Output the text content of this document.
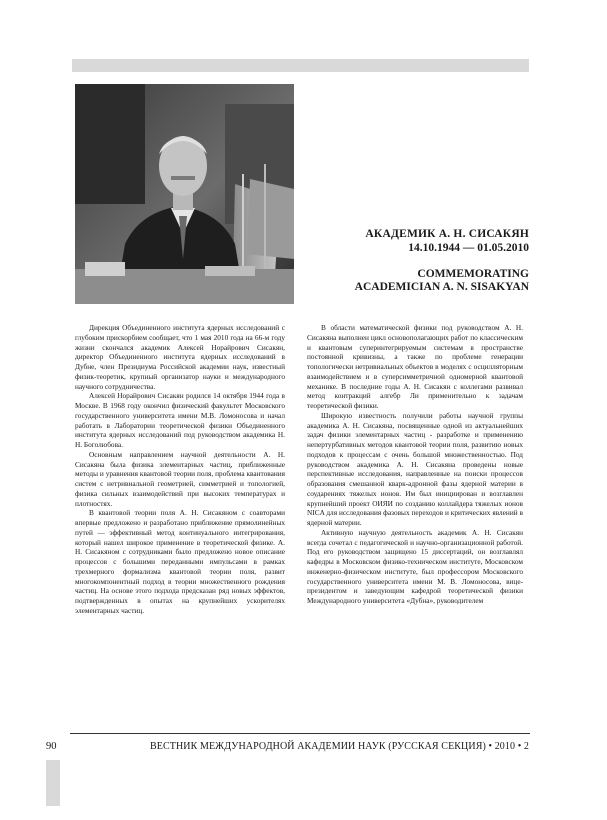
АКАДЕМИК А. Н. СИСАКЯН
14.10.1944 — 01.05.2010
COMMEMORATING
ACADEMICIAN A. N. SISAKYAN

Дирекция Объединенного института ядерных исследований с глубоким прискорбием сообщает, что 1 мая 2010 года на 66-м году жизни скончался академик Алексей Норайрович Сисакян, директор Объединенного института ядерных исследований в Дубне, член Президиума Российской академии наук, известный физик-теоретик, крупный организатор науки и международного научного сотрудничества.

Алексей Норайрович Сисакян родился 14 октября 1944 года в Москве. В 1968 году окончил физический факультет Московского государственного университета имени М.В. Ломоносова и начал работать в Лаборатории теоретической физики Объединенного института ядерных исследований под руководством академика Н. Н. Боголюбова.

Основным направлением научной деятельности А. Н. Сисакяна была физика элементарных частиц, приближенные методы и уравнения квантовой теории поля, проблема квантования систем с нетривиальной геометрией, симметрией и топологией, физика сильных взаимодействий при высоких температурах и плотностях.

В квантовой теории поля А. Н. Сисакяном с соавторами впервые предложено и разработано приближение прямолинейных путей — эффективный метод континуального интегрирования, который нашел широкое применение в теоретической физике. А. Н. Сисакяном с сотрудниками было предложено новое описание процессов с большими переданными импульсами в рамках трехмерного формализма квантовой теории поля, развит многокомпонентный подход в теории множественного рождения частиц. На основе этого подхода предсказан ряд новых эффектов, подтвержденных в опытах на крупнейших ускорителях элементарных частиц.

В области математической физики под руководством А. Н. Сисакяна выполнен цикл основополагающих работ по классическим и квантовым суперинтегрируемым системам в пространстве постоянной кривизны, а также по проблеме генерации топологически нетривиальных объектов в моделях с осцилляторным взаимодействием и в суперсимметричной одномерной квантовой механике. В последние годы А. Н. Сисакян с коллегами развивал метод контракций алгебр Ли применительно к задачам теоретической физики.

Широкую известность получили работы научной группы академика А. Н. Сисакяна, посвященные одной из актуальнейших задач физики элементарных частиц - разработке и применению непертурбативных методов квантовой теории поля, развитию новых подходов к процессам с очень большой множественностью. Под руководством академика А. Н. Сисакяна проведены новые перспективные исследования, направленные на поиски процессов образования смешанной кварк-адронной фазы ядерной материи в соударениях тяжелых ионов. Им был инициирован и возглавлен крупнейший проект ОИЯИ по созданию коллайдера тяжелых ионов NICA для исследования фазовых переходов и критических явлений в ядерной материи.

Активную научную деятельность академик А. Н. Сисакян всегда сочетал с педагогической и научно-организационной работой. Под его руководством защищено 15 диссертаций, он возглавлял кафедры в Московском физико-техническом институте, Московском инженерно-физическом институте, был профессором Московского государственного университета имени М. В. Ломоносова, вице-президентом и заведующим кафедрой теоретической физики Международного университета «Дубна», руководителем

90	ВЕСТНИК МЕЖДУНАРОДНОЙ АКАДЕМИИ НАУК (РУССКАЯ СЕКЦИЯ) • 2010 • 2
